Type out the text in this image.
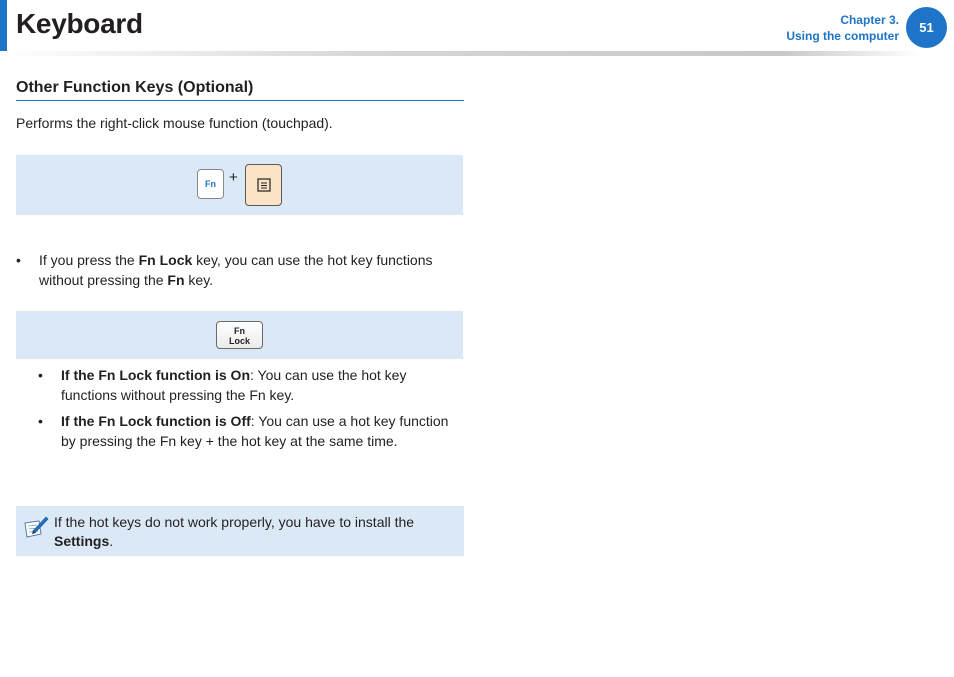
Keyboard	Chapter 3.
Using the computer
51
Other Function Keys (Optional)

Performs the right-click mouse function (touchpad).

Fn +
• If you press the Fn Lock key, you can use the hot key functions without pressing the Fn key.
Fn
Lock
• If the Fn Lock function is On: You can use the hot key functions without pressing the Fn key.
• If the Fn Lock function is Off: You can use a hot key function by pressing the Fn key + the hot key at the same time.
If the hot keys do not work properly, you have to install the Settings.
